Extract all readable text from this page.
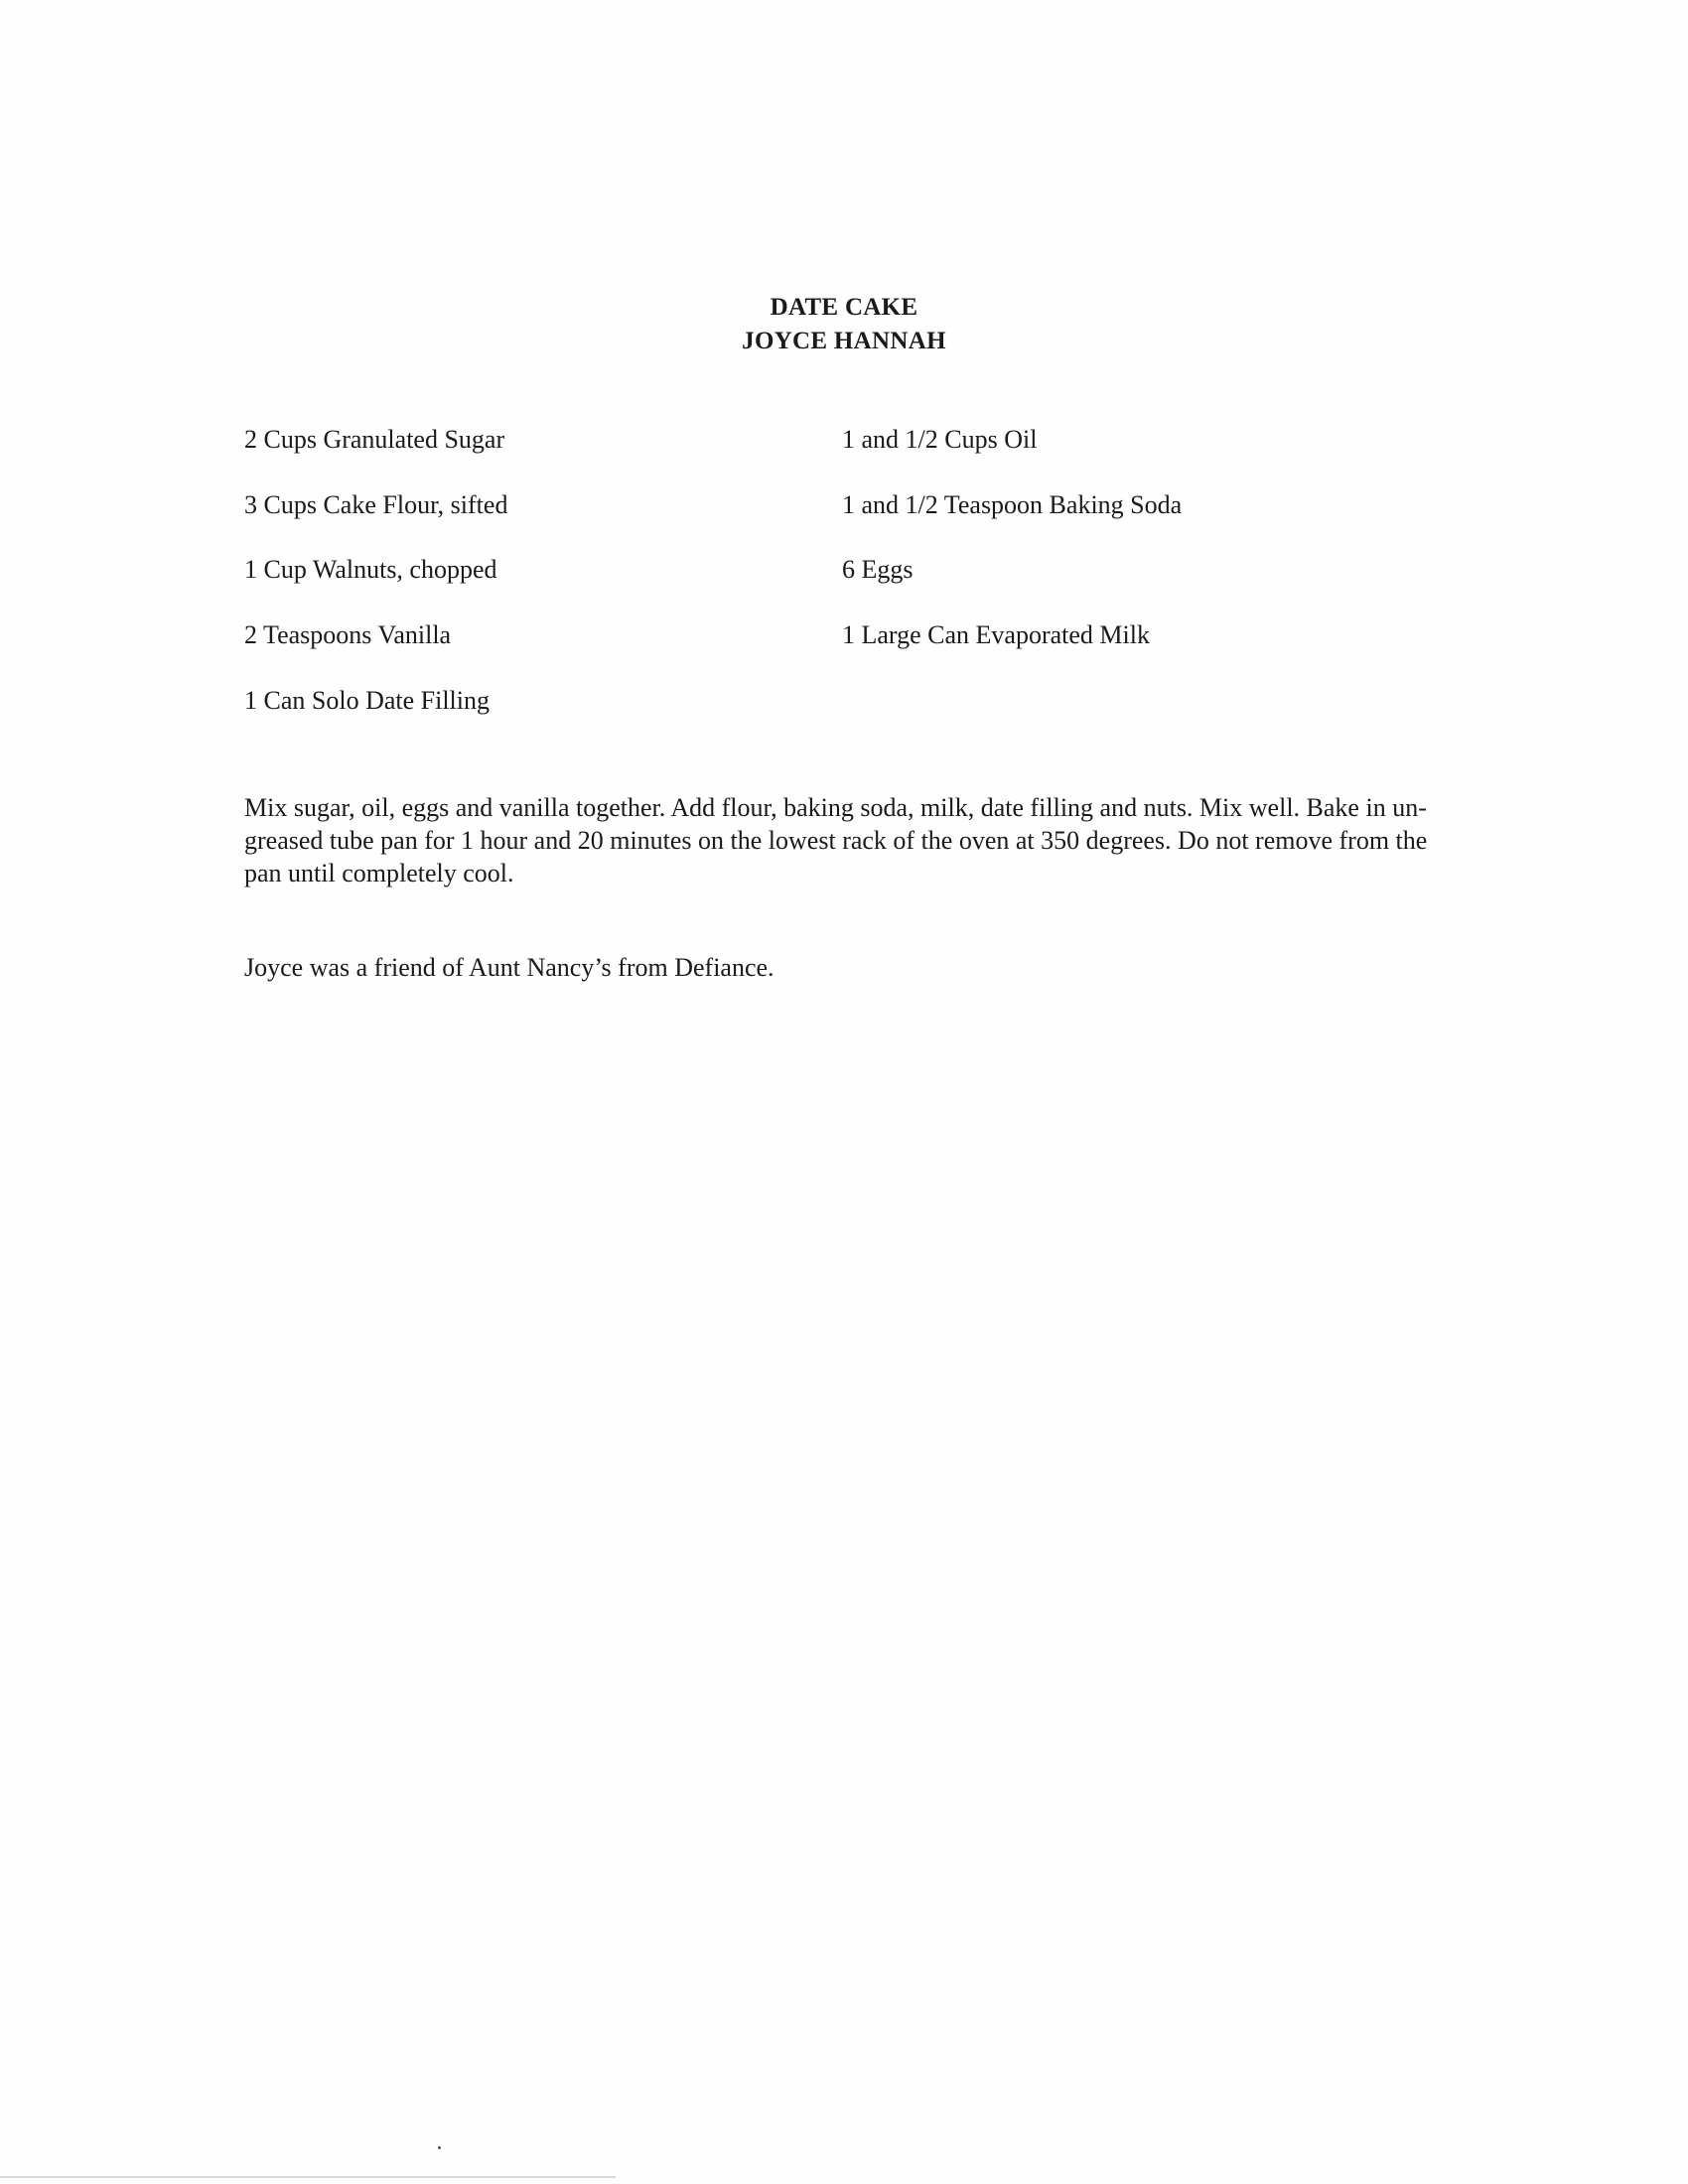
DATE CAKE
JOYCE HANNAH
2 Cups Granulated Sugar
3 Cups Cake Flour, sifted
1 Cup Walnuts, chopped
2 Teaspoons Vanilla
1 Can Solo Date Filling
1 and 1/2 Cups Oil
1 and 1/2 Teaspoon Baking Soda
6 Eggs
1 Large Can Evaporated Milk

Mix sugar, oil, eggs and vanilla together. Add flour, baking soda, milk, date filling and nuts. Mix well. Bake in un-greased tube pan for 1 hour and 20 minutes on the lowest rack of the oven at 350 degrees. Do not remove from the pan until completely cool.

Joyce was a friend of Aunt Nancy’s from Defiance.
